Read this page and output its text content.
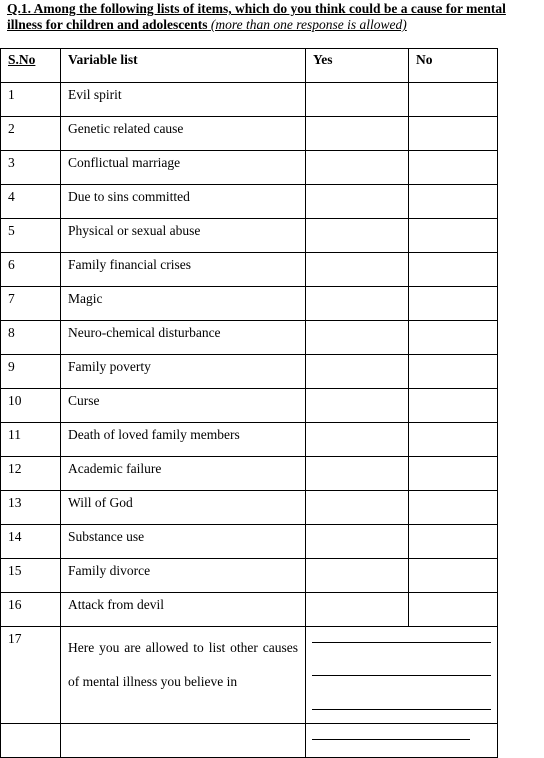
Q.1. Among the following lists of items, which do you think could be a cause for mental illness for children and adolescents (more than one response is allowed)
S.No	Variable list	Yes	No

1	Evil spirit		

2	Genetic related cause		

3	Conflictual marriage		

4	Due to sins committed		

5	Physical or sexual abuse		

6	Family financial crises		

7	Magic		

8	Neuro-chemical disturbance		

9	Family poverty		

10	Curse		

11	Death of loved family members		

12	Academic failure		

13	Will of God		

14	Substance use		

15	Family divorce		

16	Attack from devil		

17	Here you are allowed to list other causes of mental illness you believe in		
